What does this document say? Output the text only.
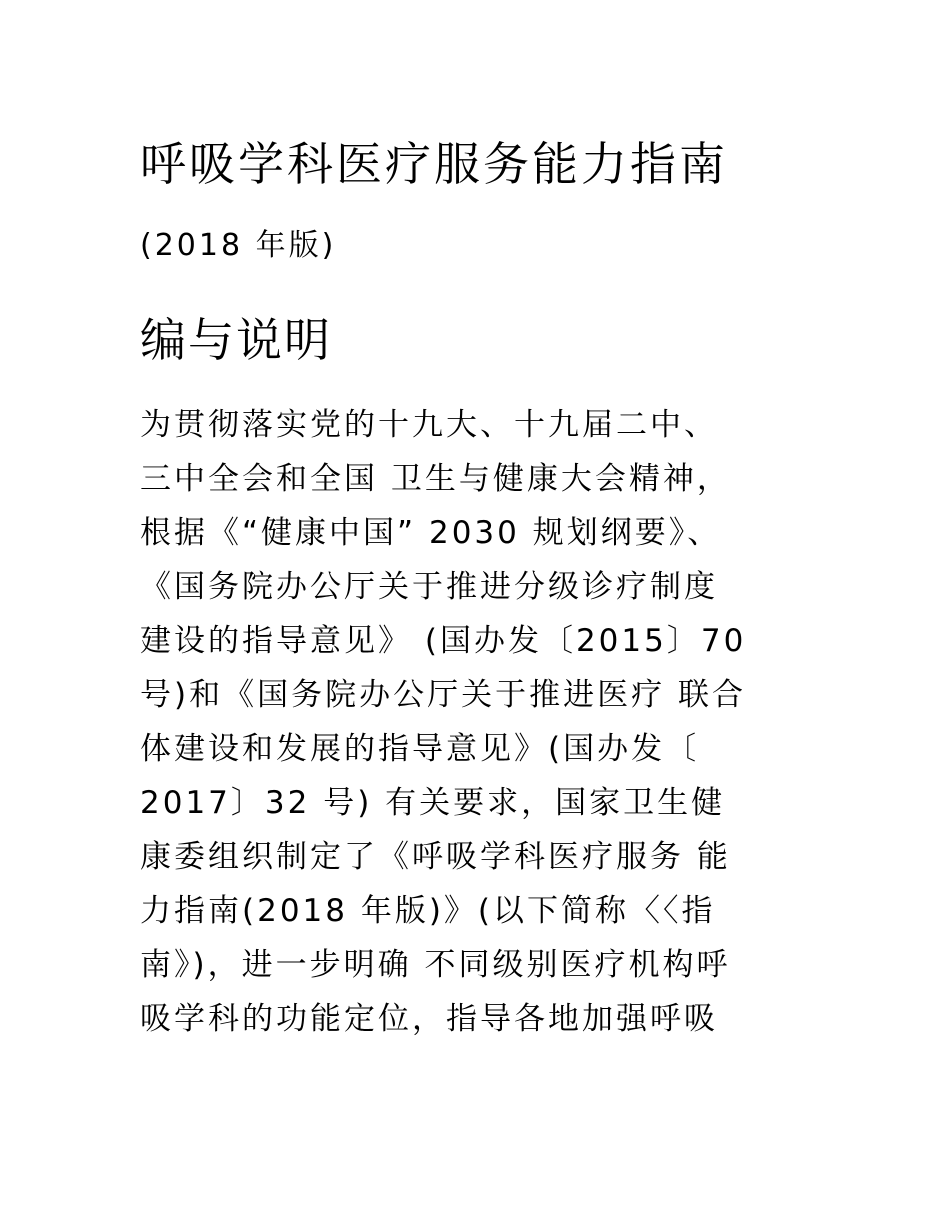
呼吸学科医疗服务能力指南
(2018 年版)
编与说明
为贯彻落实党的十九大、十九届二中、
三中全会和全国 卫生与健康大会精神，
根据《“健康中国” 2030 规划纲要》、
《国务院办公厅关于推进分级诊疗制度
建设的指导意见》 (国办发〔2015〕70
号)和《国务院办公厅关于推进医疗 联合
体建设和发展的指导意见》(国办发〔
2017〕32 号) 有关要求，国家卫生健
康委组织制定了《呼吸学科医疗服务 能
力指南(2018 年版)》(以下简称〈〈指
南》)，进一步明确 不同级别医疗机构呼
吸学科的功能定位，指导各地加强呼吸
